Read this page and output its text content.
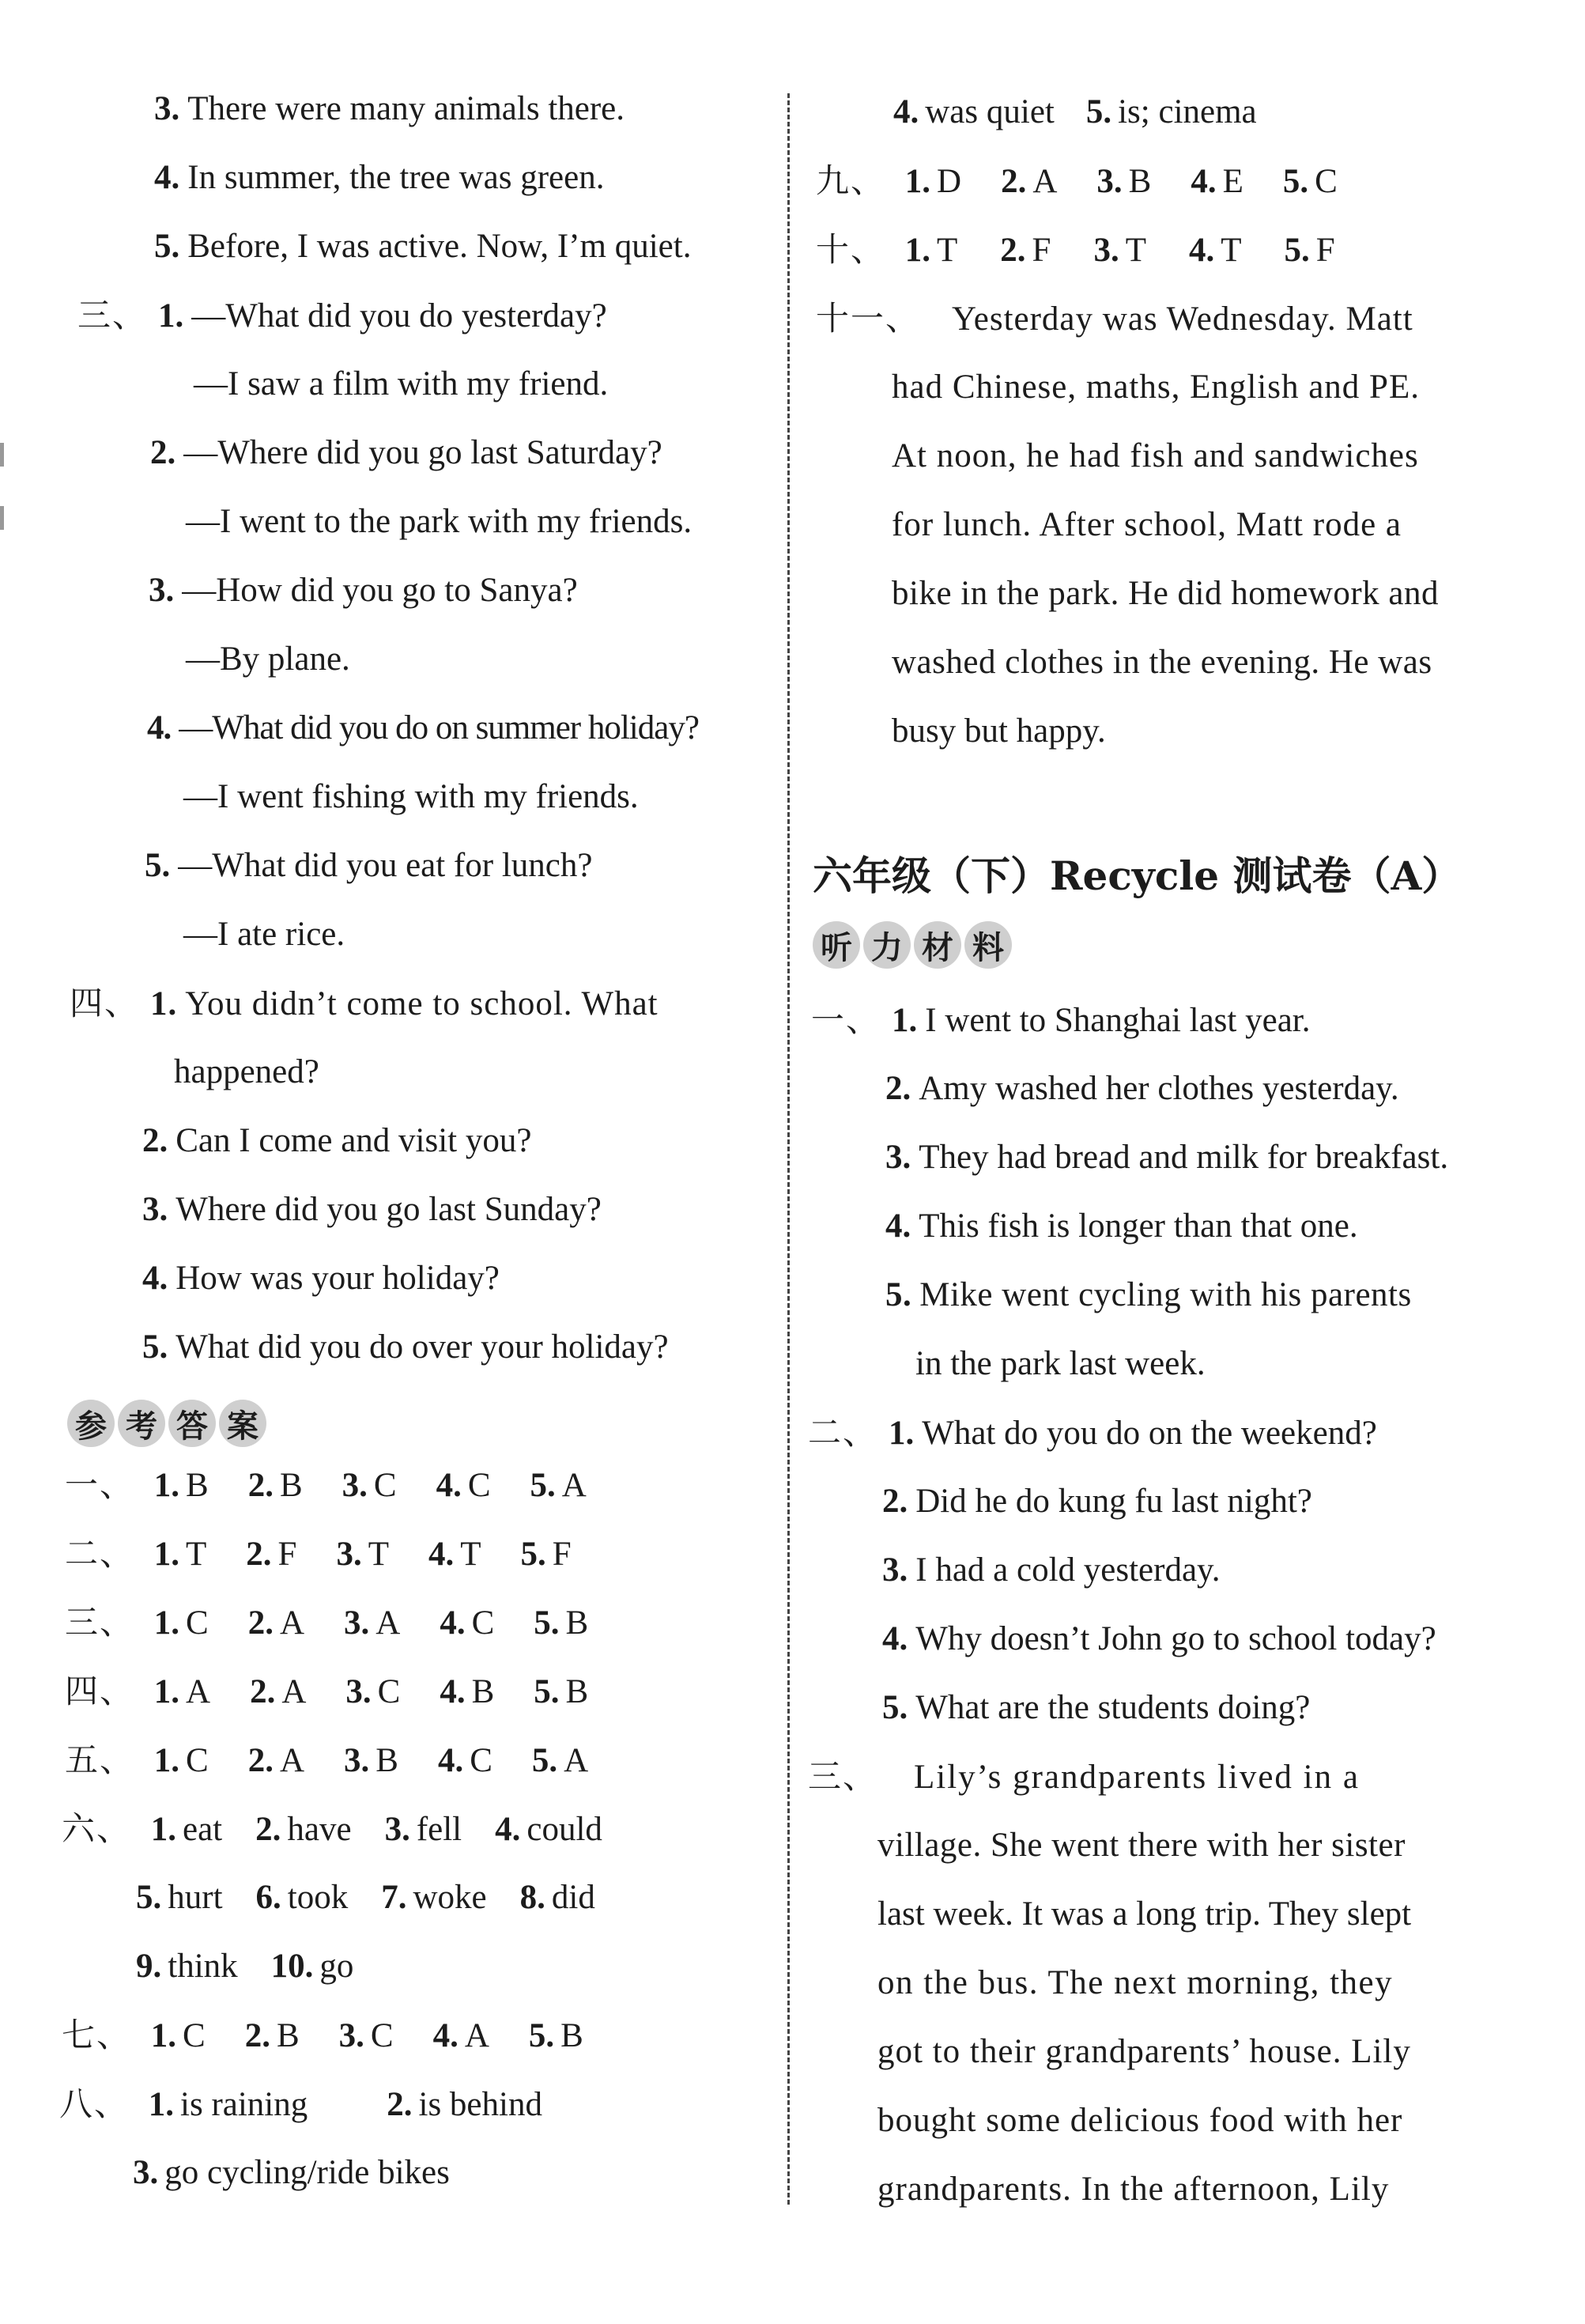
3. There were many animals there.
4. In summer, the tree was green.
5. Before, I was active. Now, I’m quiet.
三、 1. —What did you do yesterday?
—I saw a film with my friend.
2. —Where did you go last Saturday?
—I went to the park with my friends.
3. —How did you go to Sanya?
—By plane.
4. —What did you do on summer holiday?
—I went fishing with my friends.
5. —What did you eat for lunch?
—I ate rice.
四、 1. You didn’t come to school. What
happened?
2. Can I come and visit you?
3. Where did you go last Sunday?
4. How was your holiday?
5. What did you do over your holiday?
参 考 答 案
一、 1. B 2. B 3. C 4. C 5. A
二、 1. T 2. F 3. T 4. T 5. F
三、 1. C 2. A 3. A 4. C 5. B
四、 1. A 2. A 3. C 4. B 5. B
五、 1. C 2. A 3. B 4. C 5. A
六、 1. eat 2. have 3. fell 4. could
5. hurt 6. took 7. woke 8. did
9. think 10. go
七、 1. C 2. B 3. C 4. A 5. B
八、 1. is raining 2. is behind
3. go cycling/ride bikes
4. was quiet 5. is; cinema
九、 1. D 2. A 3. B 4. E 5. C
十、 1. T 2. F 3. T 4. T 5. F
十一、 Yesterday was Wednesday. Matt
had Chinese, maths, English and PE.
At noon, he had fish and sandwiches
for lunch. After school, Matt rode a
bike in the park. He did homework and
washed clothes in the evening. He was
busy but happy.
六年级（下）Recycle 测试卷（A）
听 力 材 料
一、 1. I went to Shanghai last year.
2. Amy washed her clothes yesterday.
3. They had bread and milk for breakfast.
4. This fish is longer than that one.
5. Mike went cycling with his parents
in the park last week.
二、 1. What do you do on the weekend?
2. Did he do kung fu last night?
3. I had a cold yesterday.
4. Why doesn’t John go to school today?
5. What are the students doing?
三、 Lily’s grandparents lived in a
village. She went there with her sister
last week. It was a long trip. They slept
on the bus. The next morning, they
got to their grandparents’ house. Lily
bought some delicious food with her
grandparents. In the afternoon, Lily
